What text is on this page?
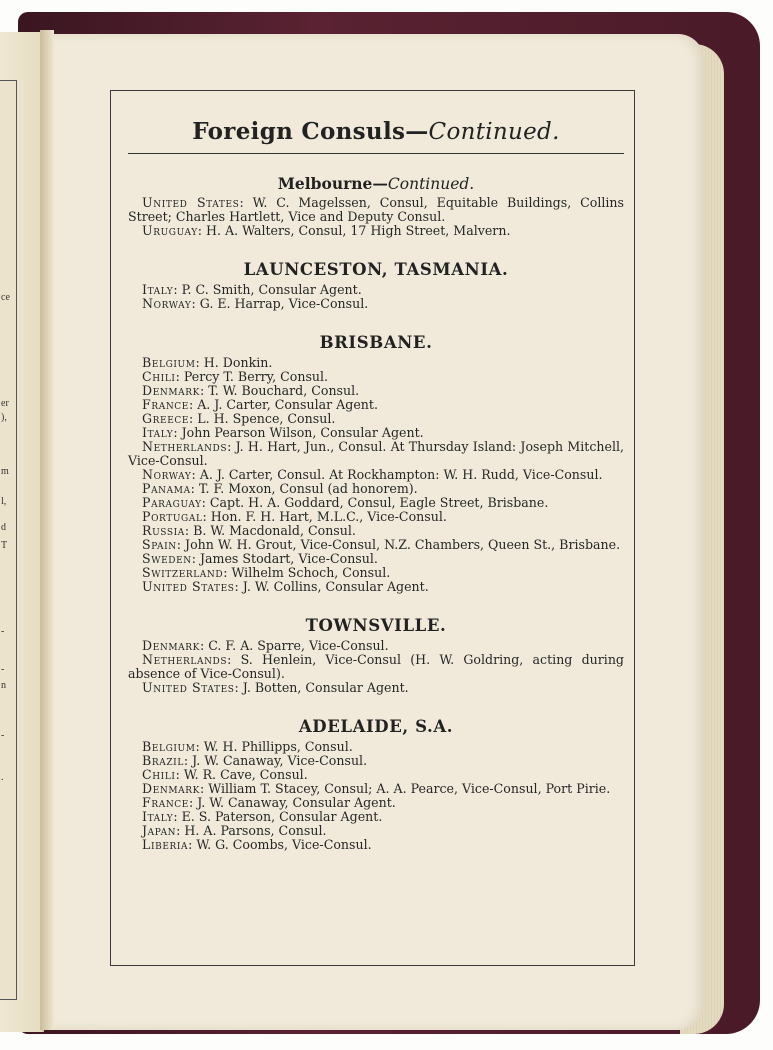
ce
er
),
m
l,
d
T
-
-
n
-
.
Foreign Consuls—Continued.
Melbourne—Continued.
United States: W. C. Magelssen, Consul, Equitable Buildings, Collins Street; Charles Hartlett, Vice and Deputy Consul.
Uruguay: H. A. Walters, Consul, 17 High Street, Malvern.
LAUNCESTON, TASMANIA.
Italy: P. C. Smith, Consular Agent.
Norway: G. E. Harrap, Vice-Consul.
BRISBANE.
Belgium: H. Donkin.
Chili: Percy T. Berry, Consul.
Denmark: T. W. Bouchard, Consul.
France: A. J. Carter, Consular Agent.
Greece: L. H. Spence, Consul.
Italy: John Pearson Wilson, Consular Agent.
Netherlands: J. H. Hart, Jun., Consul. At Thursday Island: Joseph Mitchell, Vice-Consul.
Norway: A. J. Carter, Consul. At Rockhampton: W. H. Rudd, Vice-Consul.
Panama: T. F. Moxon, Consul (ad honorem).
Paraguay: Capt. H. A. Goddard, Consul, Eagle Street, Brisbane.
Portugal: Hon. F. H. Hart, M.L.C., Vice-Consul.
Russia: B. W. Macdonald, Consul.
Spain: John W. H. Grout, Vice-Consul, N.Z. Chambers, Queen St., Brisbane.
Sweden: James Stodart, Vice-Consul.
Switzerland: Wilhelm Schoch, Consul.
United States: J. W. Collins, Consular Agent.
TOWNSVILLE.
Denmark: C. F. A. Sparre, Vice-Consul.
Netherlands: S. Henlein, Vice-Consul (H. W. Goldring, acting during absence of Vice-Consul).
United States: J. Botten, Consular Agent.
ADELAIDE, S.A.
Belgium: W. H. Phillipps, Consul.
Brazil: J. W. Canaway, Vice-Consul.
Chili: W. R. Cave, Consul.
Denmark: William T. Stacey, Consul; A. A. Pearce, Vice-Consul, Port Pirie.
France: J. W. Canaway, Consular Agent.
Italy: E. S. Paterson, Consular Agent.
Japan: H. A. Parsons, Consul.
Liberia: W. G. Coombs, Vice-Consul.
